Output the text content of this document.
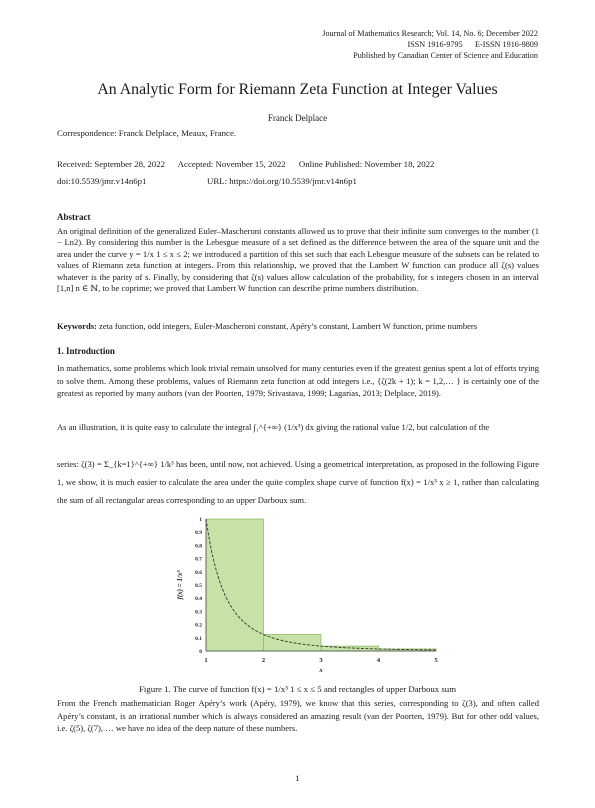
Journal of Mathematics Research; Vol. 14, No. 6; December 2022
ISSN 1916-9795      E-ISSN 1916-9809
Published by Canadian Center of Science and Education
An Analytic Form for Riemann Zeta Function at Integer Values
Franck Delplace
Correspondence: Franck Delplace, Meaux, France.
Received: September 28, 2022      Accepted: November 15, 2022      Online Published: November 18, 2022
doi:10.5539/jmr.v14n6p1	URL: https://doi.org/10.5539/jmr.v14n6p1
Abstract
An original definition of the generalized Euler–Mascheroni constants allowed us to prove that their infinite sum converges to the number (1 − Ln2). By considering this number is the Lebesgue measure of a set defined as the difference between the area of the square unit and the area under the curve y = 1/x 1 ≤ x ≤ 2; we introduced a partition of this set such that each Lebesgue measure of the subsets can be related to values of Riemann zeta function at integers. From this relationship, we proved that the Lambert W function can produce all ζ(s) values whatever is the parity of s. Finally, by considering that ζ(s) values allow calculation of the probability, for s integers chosen in an interval [1,n] n ∈ ℕ, to be coprime; we proved that Lambert W function can describe prime numbers distribution.
Keywords: zeta function, odd integers, Euler-Mascheroni constant, Apéry’s constant, Lambert W function, prime numbers
1. Introduction
In mathematics, some problems which look trivial remain unsolved for many centuries even if the greatest genius spent a lot of efforts trying to solve them. Among these problems, values of Riemann zeta function at odd integers i.e., {ζ(2k + 1); k = 1,2,… } is certainly one of the greatest as reported by many authors (van der Poorten, 1979; Srivastava, 1999; Lagarias, 2013; Delplace, 2019).
As an illustration, it is quite easy to calculate the integral ∫₁^{+∞} (1/x³) dx giving the rational value 1/2, but calculation of the
series: ζ(3) = Σ_{k=1}^{+∞} 1/k³ has been, until now, not achieved. Using a geometrical interpretation, as proposed in the following Figure 1, we show, it is much easier to calculate the area under the quite complex shape curve of function f(x) = 1/x³ x ≥ 1, rather than calculating the sum of all rectangular areas corresponding to an upper Darboux sum.
0
0.1
0.2
0.3
0.4
0.5
0.6
0.7
0.8
0.9
1
1	2	3	4	5
x
f(x) = 1/x³
Figure 1. The curve of function f(x) = 1/x³ 1 ≤ x ≤ 5 and rectangles of upper Darboux sum
From the French mathematician Roger Apéry’s work (Apéry, 1979), we know that this series, corresponding to ζ(3), and often called Apéry’s constant, is an irrational number which is always considered an amazing result (van der Poorten, 1979). But for other odd values, i.e. ζ(5), ζ(7), … we have no idea of the deep nature of these numbers.
1
